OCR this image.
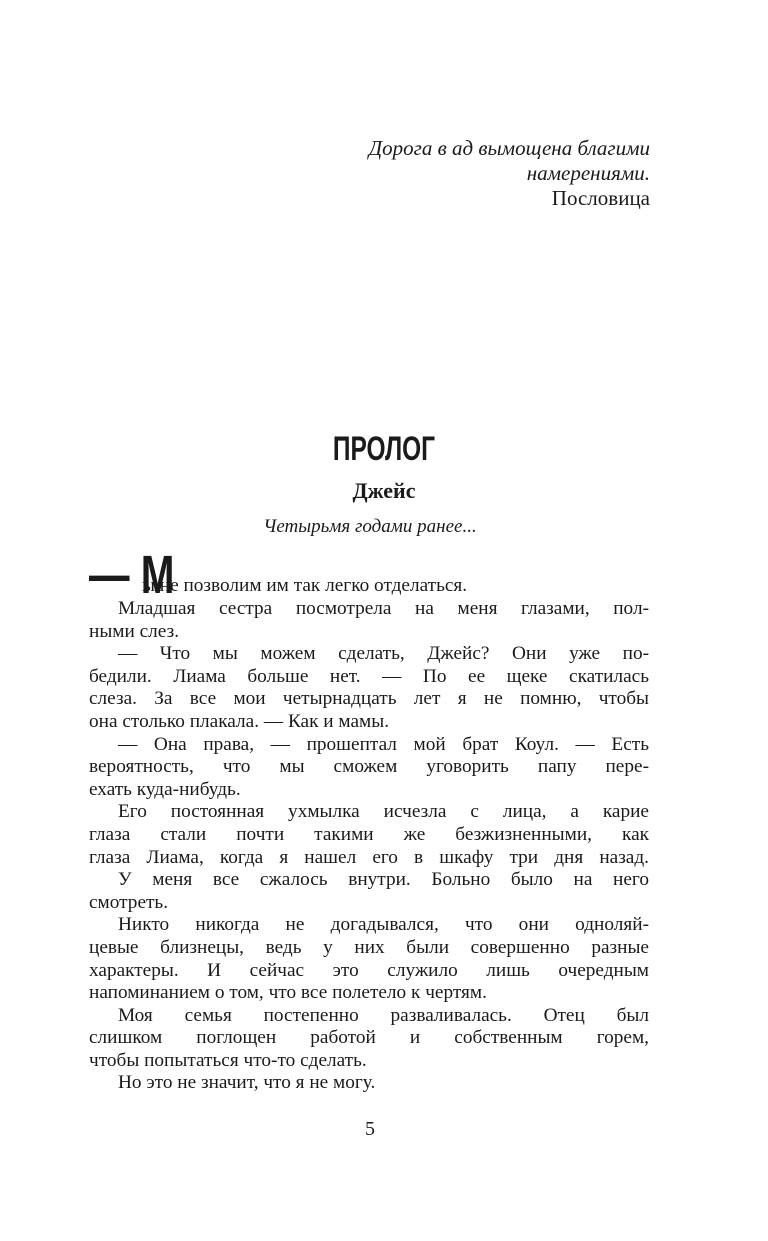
Дорога в ад вымощена благими
намерениями.
Пословица
ПРОЛОГ
Джейс
Четырьмя годами ранее...
— М
ы не позволим им так легко отделаться.
Младшая сестра посмотрела на меня глазами, пол-
ными слез.
— Что мы можем сделать, Джейс? Они уже по-
бедили. Лиама больше нет. — По ее щеке скатилась
слеза. За все мои четырнадцать лет я не помню, чтобы
она столько плакала. — Как и мамы.
— Она права, — прошептал мой брат Коул. — Есть
вероятность, что мы сможем уговорить папу пере-
ехать куда-нибудь.
Его постоянная ухмылка исчезла с лица, а карие
глаза стали почти такими же безжизненными, как
глаза Лиама, когда я нашел его в шкафу три дня назад.
У меня все сжалось внутри. Больно было на него
смотреть.
Никто никогда не догадывался, что они одноляй-
цевые близнецы, ведь у них были совершенно разные
характеры. И сейчас это служило лишь очередным
напоминанием о том, что все полетело к чертям.
Моя семья постепенно разваливалась. Отец был
слишком поглощен работой и собственным горем,
чтобы попытаться что-то сделать.
Но это не значит, что я не могу.
5
